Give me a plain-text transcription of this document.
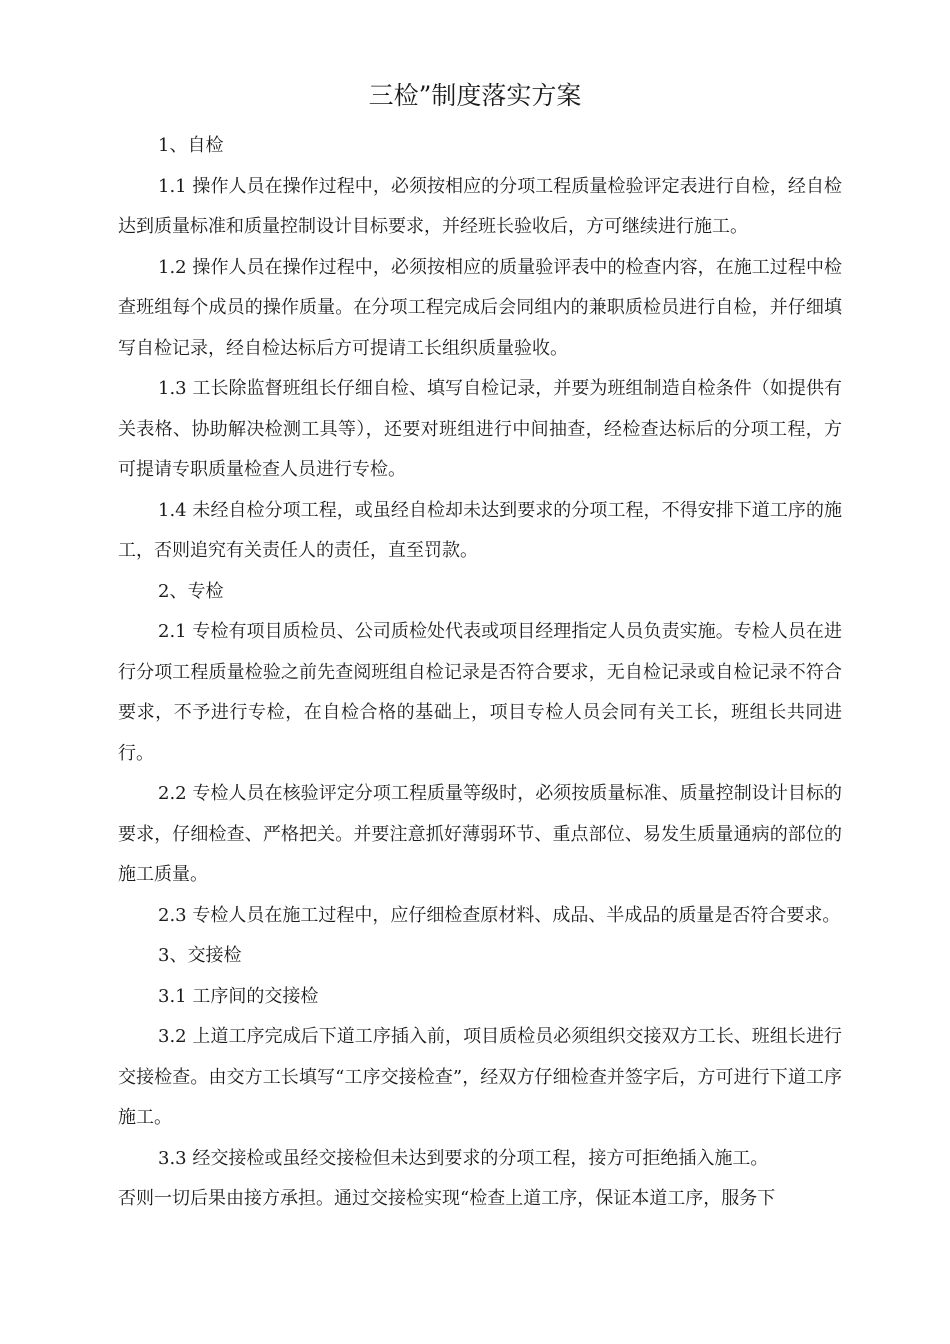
三检”制度落实方案

1、自检

1.1 操作人员在操作过程中，必须按相应的分项工程质量检验评定表进行自检，经自检达到质量标准和质量控制设计目标要求，并经班长验收后，方可继续进行施工。

1.2 操作人员在操作过程中，必须按相应的质量验评表中的检查内容，在施工过程中检查班组每个成员的操作质量。在分项工程完成后会同组内的兼职质检员进行自检，并仔细填写自检记录，经自检达标后方可提请工长组织质量验收。

1.3 工长除监督班组长仔细自检、填写自检记录，并要为班组制造自检条件（如提供有关表格、协助解决检测工具等），还要对班组进行中间抽查，经检查达标后的分项工程，方可提请专职质量检查人员进行专检。

1.4 未经自检分项工程，或虽经自检却未达到要求的分项工程，不得安排下道工序的施工，否则追究有关责任人的责任，直至罚款。

2、专检

2.1 专检有项目质检员、公司质检处代表或项目经理指定人员负责实施。专检人员在进行分项工程质量检验之前先查阅班组自检记录是否符合要求，无自检记录或自检记录不符合要求，不予进行专检，在自检合格的基础上，项目专检人员会同有关工长，班组长共同进行。

2.2 专检人员在核验评定分项工程质量等级时，必须按质量标准、质量控制设计目标的要求，仔细检查、严格把关。并要注意抓好薄弱环节、重点部位、易发生质量通病的部位的施工质量。

2.3 专检人员在施工过程中，应仔细检查原材料、成品、半成品的质量是否符合要求。

3、交接检

3.1 工序间的交接检

3.2 上道工序完成后下道工序插入前，项目质检员必须组织交接双方工长、班组长进行交接检查。由交方工长填写“工序交接检查”，经双方仔细检查并签字后，方可进行下道工序施工。

3.3 经交接检或虽经交接检但未达到要求的分项工程，接方可拒绝插入施工。

否则一切后果由接方承担。通过交接检实现“检查上道工序，保证本道工序，服务下
